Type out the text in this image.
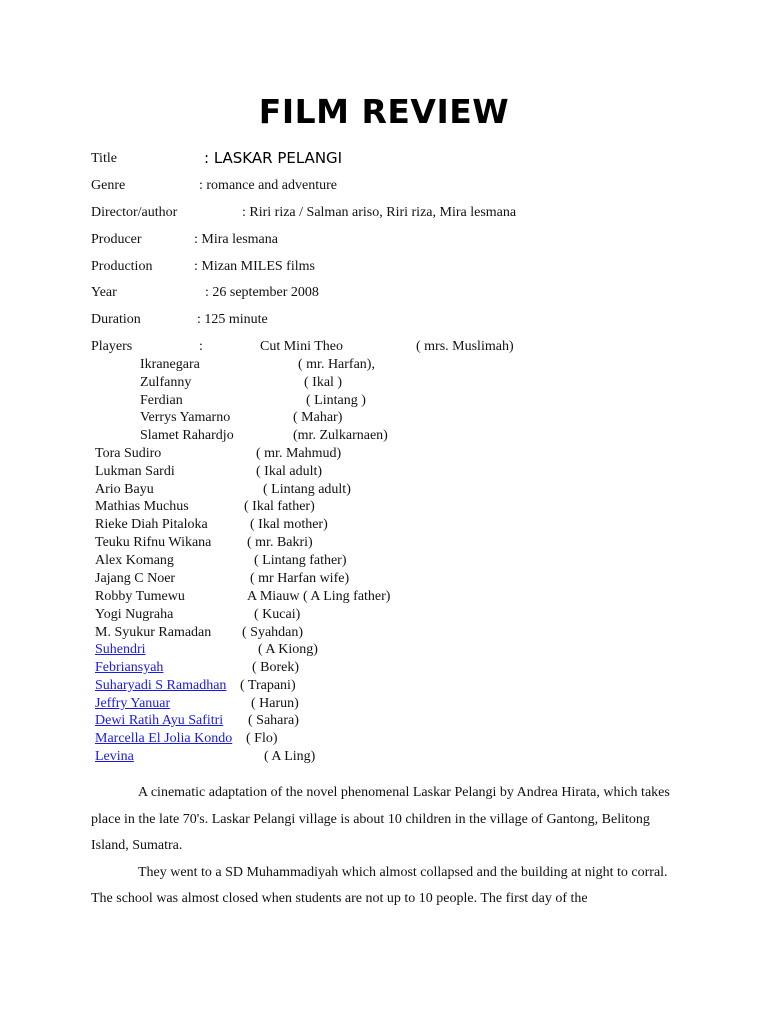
FILM REVIEW
Title	: LASKAR PELANGI
Genre	: romance and adventure
Director/author	: Riri riza / Salman ariso, Riri riza, Mira lesmana
Producer	: Mira lesmana
Production	: Mizan MILES films
Year	: 26 september 2008
Duration	: 125 minute
Players	:	Cut Mini Theo	( mrs. Muslimah)
Ikranegara	( mr. Harfan),
Zulfanny	( Ikal )
Ferdian	( Lintang )
Verrys Yamarno	( Mahar)
Slamet Rahardjo	(mr. Zulkarnaen)
Tora Sudiro	( mr. Mahmud)
Lukman Sardi	( Ikal adult)
Ario Bayu	( Lintang adult)
Mathias Muchus	( Ikal father)
Rieke Diah Pitaloka	( Ikal mother)
Teuku Rifnu Wikana	( mr. Bakri)
Alex Komang	( Lintang father)
Jajang C Noer	( mr Harfan wife)
Robby Tumewu	A Miauw ( A Ling father)
Yogi Nugraha	( Kucai)
M. Syukur Ramadan ( Syahdan)
Suhendri	( A Kiong)
Febriansyah	( Borek)
Suharyadi S Ramadhan ( Trapani)
Jeffry Yanuar	( Harun)
Dewi Ratih Ayu Safitri ( Sahara)
Marcella El Jolia Kondo ( Flo)
Levina	( A Ling)

A cinematic adaptation of the novel phenomenal Laskar Pelangi by Andrea Hirata, which takes place in the late 70's. Laskar Pelangi village is about 10 children in the village of Gantong, Belitong Island, Sumatra.

They went to a SD Muhammadiyah which almost collapsed and the building at night to corral. The school was almost closed when students are not up to 10 people. The first day of the
